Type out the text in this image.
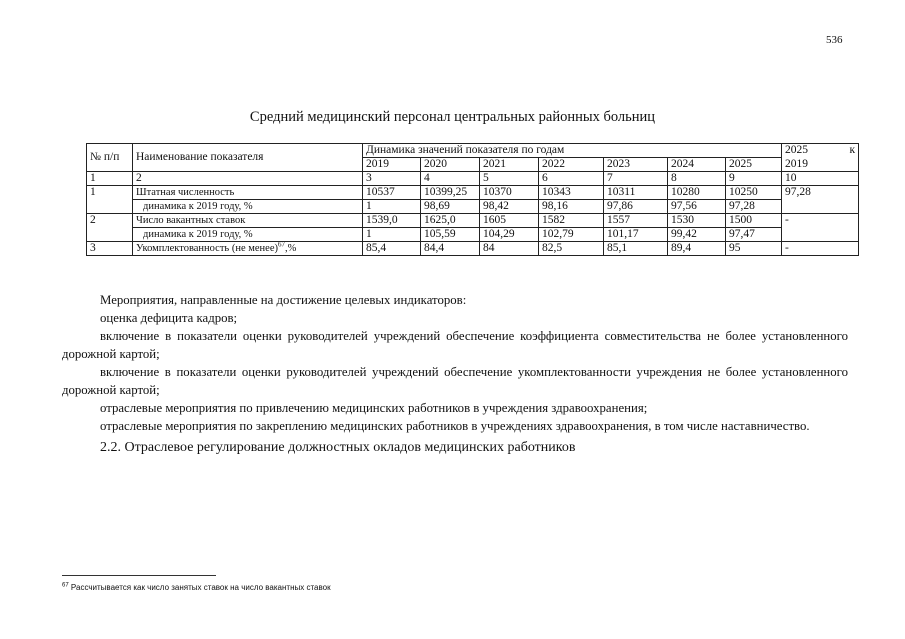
536
Средний медицинский персонал центральных районных больниц
№ п/п	Наименование показателя	Динамика значений показателя по годам							2025 к

		2019	2020	2021	2022	2023	2024	2025	2019
1	2	3	4	5	6	7	8	9	10
1	Штатная численность	10537	10399,25	10370	10343	10311	10280	10250	97,28
	динамика к 2019 году, %	1	98,69	98,42	98,16	97,86	97,56	97,28	
2	Число вакантных ставок	1539,0	1625,0	1605	1582	1557	1530	1500	-
	динамика к 2019 году, %	1	105,59	104,29	102,79	101,17	99,42	97,47	
3	Укомплектованность (не менее)$^{67}$,%	85,4	84,4	84	82,5	85,1	89,4	95	-

Мероприятия, направленные на достижение целевых индикаторов:

оценка дефицита кадров;

включение в показатели оценки руководителей учреждений обеспечение коэффициента совместительства не более установленного дорожной картой;

включение в показатели оценки руководителей учреждений обеспечение укомплектованности учреждения не более установленного дорожной картой;

отраслевые мероприятия по привлечению медицинских работников в учреждения здравоохранения;

отраслевые мероприятия по закреплению медицинских работников в учреждениях здравоохранения, в том числе наставничество.

2.2. Отраслевое регулирование должностных окладов медицинских работников

$^{67}$ Рассчитывается как число занятых ставок на число вакантных ставок
